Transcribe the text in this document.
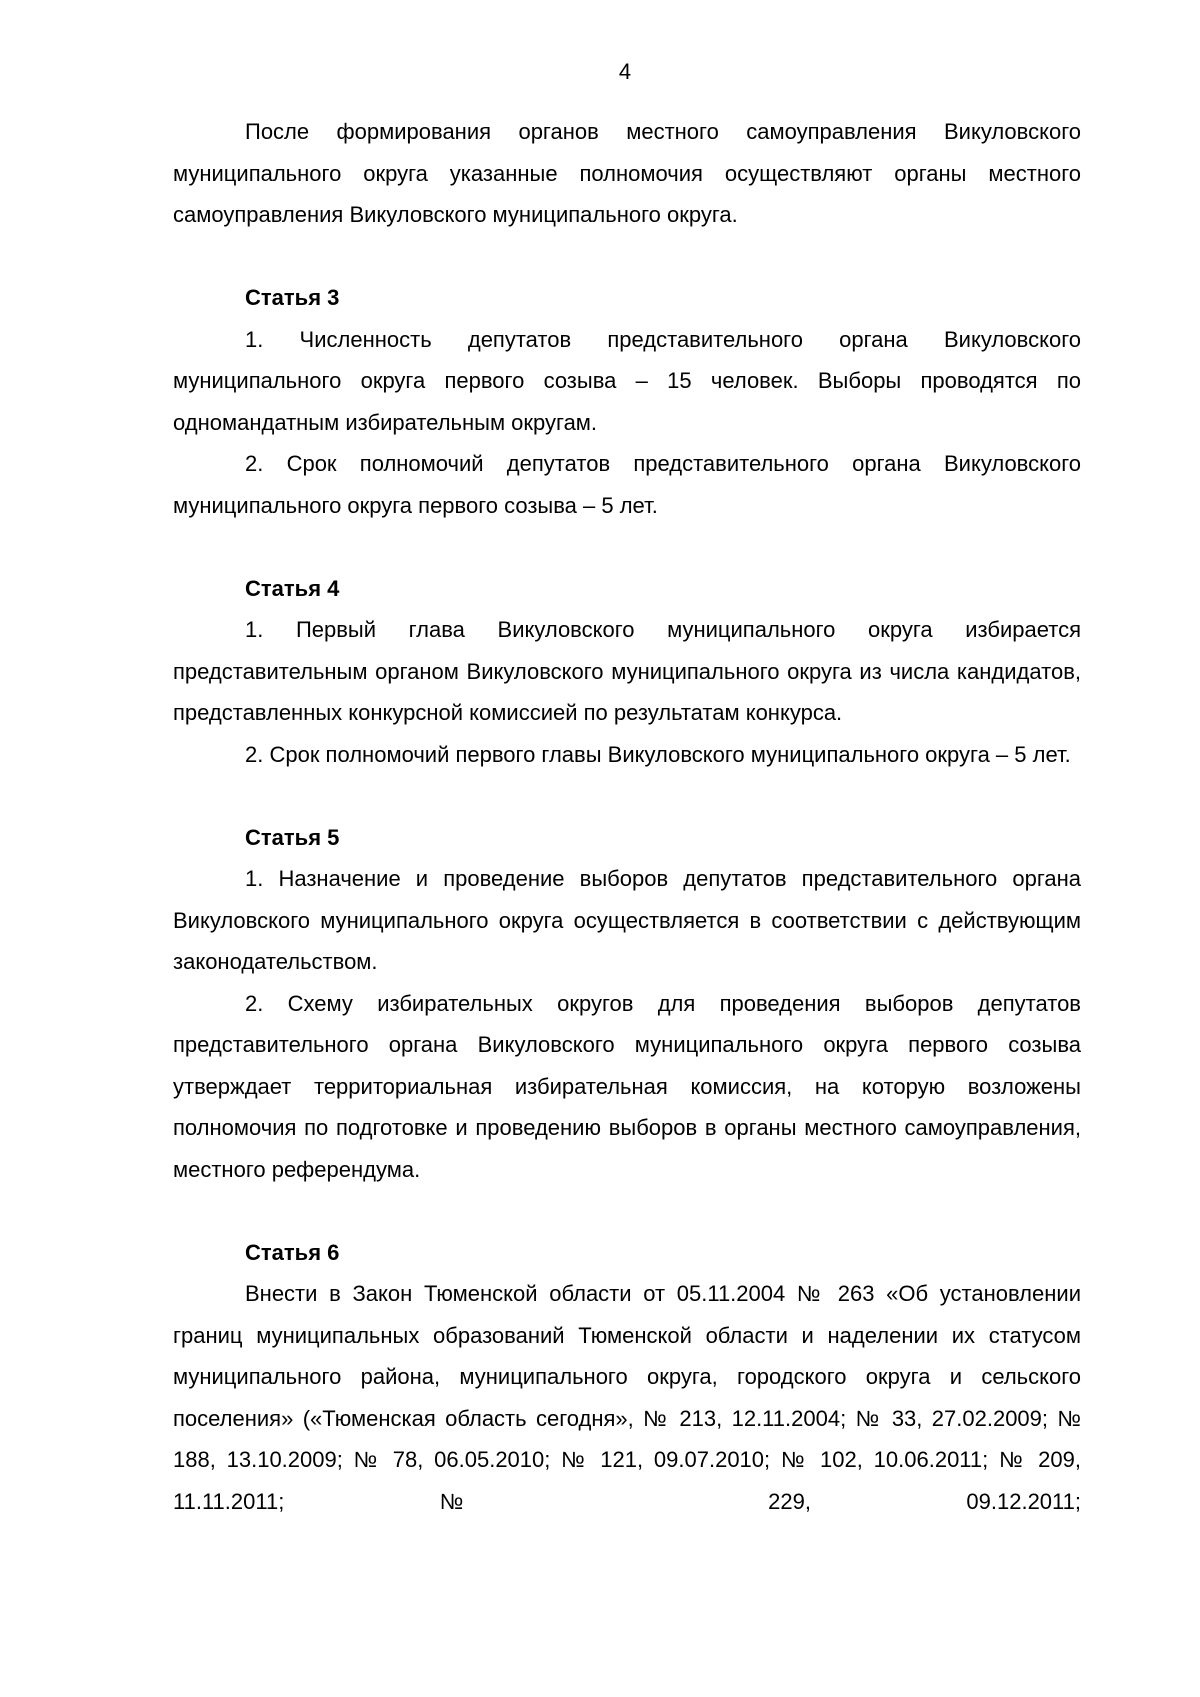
4

После формирования органов местного самоуправления Викуловского муниципального округа указанные полномочия осуществляют органы местного самоуправления Викуловского муниципального округа.

Статья 3

1. Численность депутатов представительного органа Викуловского муниципального округа первого созыва – 15 человек. Выборы проводятся по одномандатным избирательным округам.

2. Срок полномочий депутатов представительного органа Викуловского муниципального округа первого созыва – 5 лет.

Статья 4

1. Первый глава Викуловского муниципального округа избирается представительным органом Викуловского муниципального округа из числа кандидатов, представленных конкурсной комиссией по результатам конкурса.

2. Срок полномочий первого главы Викуловского муниципального округа – 5 лет.

Статья 5

1. Назначение и проведение выборов депутатов представительного органа Викуловского муниципального округа осуществляется в соответствии с действующим законодательством.

2. Схему избирательных округов для проведения выборов депутатов представительного органа Викуловского муниципального округа первого созыва утверждает территориальная избирательная комиссия, на которую возложены полномочия по подготовке и проведению выборов в органы местного самоуправления, местного референдума.

Статья 6

Внести в Закон Тюменской области от 05.11.2004 № 263 «Об установлении границ муниципальных образований Тюменской области и наделении их статусом муниципального района, муниципального округа, городского округа и сельского поселения» («Тюменская область сегодня», № 213, 12.11.2004; № 33, 27.02.2009; № 188, 13.10.2009; № 78, 06.05.2010; № 121, 09.07.2010; № 102, 10.06.2011; № 209, 11.11.2011; № 229, 09.12.2011;
